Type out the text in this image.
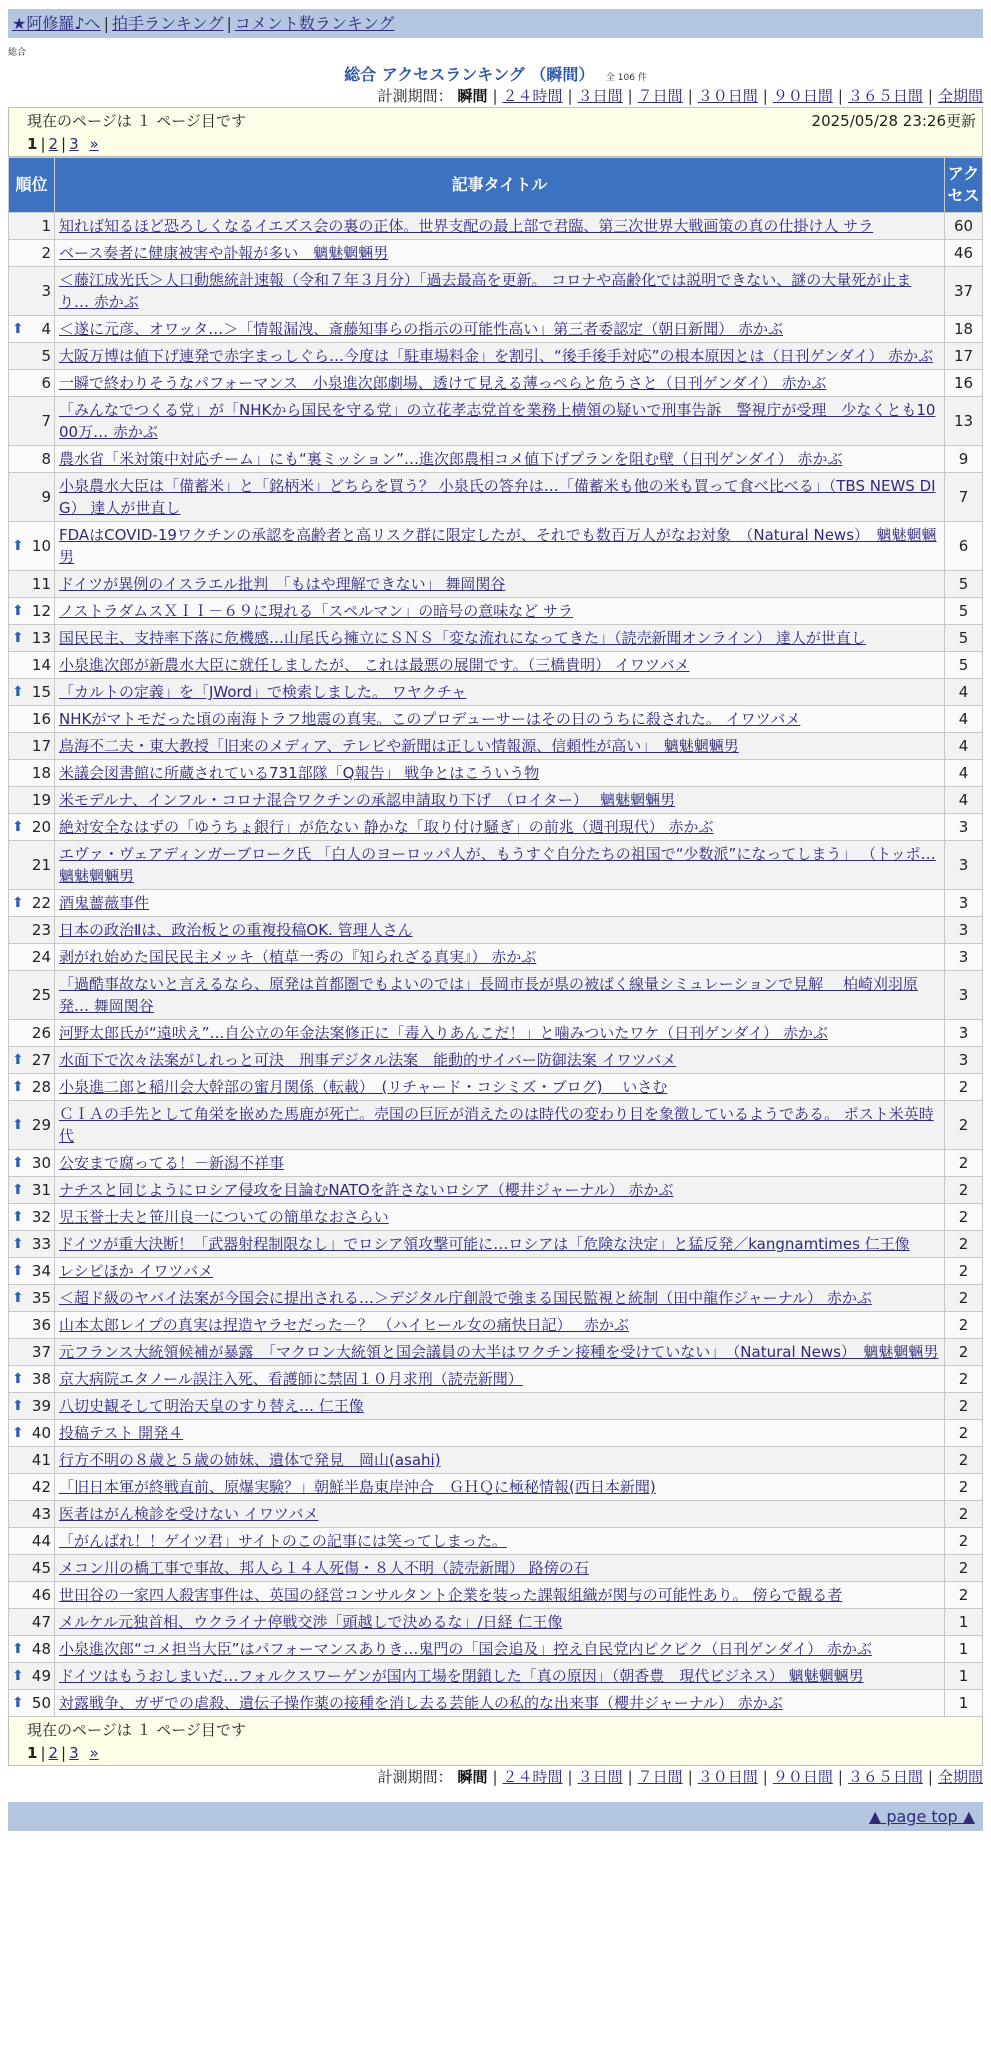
★阿修羅♪へ | 拍手ランキング | コメント数ランキング
総合
総合 アクセスランキング （瞬間） 全 106 件
計測期間： 瞬間 | ２４時間 | ３日間 | ７日間 | ３０日間 | ９０日間 | ３６５日間 | 全期間
現在のページは １ ページ目です	2025/05/28 23:26更新
1 | 2 | 3 »
順位	記事タイトル	アクセス
1	知れば知るほど恐ろしくなるイエズス会の裏の正体。世界支配の最上部で君臨、第三次世界大戦画策の真の仕掛け人 サラ	60
2	ベース奏者に健康被害や訃報が多い　魑魅魍魎男	46
3	＜藤江成光氏＞人口動態統計速報（令和７年３月分）「過去最高を更新。 コロナや高齢化では説明できない、謎の大量死が止まり… 赤かぶ	37

⬆ 4	＜遂に元彦、オワッタ…＞「情報漏洩、斎藤知事らの指示の可能性高い」第三者委認定（朝日新聞） 赤かぶ	18
5	大阪万博は値下げ連発で赤字まっしぐら…今度は「駐車場料金」を割引、“後手後手対応”の根本原因とは（日刊ゲンダイ） 赤かぶ	17
6	一瞬で終わりそうなパフォーマンス　小泉進次郎劇場、透けて見える薄っぺらと危うさと（日刊ゲンダイ） 赤かぶ	16
7	「みんなでつくる党」が「NHKから国民を守る党」の立花孝志党首を業務上横領の疑いで刑事告訴　警視庁が受理　少なくとも1000万… 赤かぶ	13
8	農水省「米対策中対応チーム」にも“裏ミッション”…進次郎農相コメ値下げプランを阻む壁（日刊ゲンダイ） 赤かぶ	9
9	小泉農水大臣は「備蓄米」と「銘柄米」どちらを買う？ 小泉氏の答弁は…「備蓄米も他の米も買って食べ比べる」（TBS NEWS DIG） 達人が世直し	7

⬆ 10	FDAはCOVID-19ワクチンの承認を高齢者と高リスク群に限定したが、それでも数百万人がなお対象　（Natural News）　魑魅魍魎男	6
11	ドイツが異例のイスラエル批判　「もはや理解できない」 舞岡関谷	5

⬆ 12	ノストラダムスＸＩＩ－６９に現れる「スペルマン」の暗号の意味など サラ	5

⬆ 13	国民民主、支持率下落に危機感…山尾氏ら擁立にＳＮＳ「変な流れになってきた」（読売新聞オンライン） 達人が世直し	5
14	小泉進次郎が新農水大臣に就任しましたが、 これは最悪の展開です。（三橋貴明） イワツバメ	5

⬆ 15	「カルトの定義」を「JWord」で検索しました。 ワヤクチャ	4
16	NHKがマトモだった頃の南海トラフ地震の真実。このプロデューサーはその日のうちに殺された。 イワツバメ	4
17	鳥海不二夫・東大教授「旧来のメディア、テレビや新聞は正しい情報源、信頼性が高い」　魑魅魍魎男	4
18	米議会図書館に所蔵されている731部隊「Q報告」 戦争とはこういう物	4
19	米モデルナ、インフル・コロナ混合ワクチンの承認申請取り下げ　（ロイター）　 魑魅魍魎男	4

⬆ 20	絶対安全なはずの「ゆうちょ銀行」が危ない 静かな「取り付け騒ぎ」の前兆（週刊現代） 赤かぶ	3
21	エヴァ・ヴェアディンガーブローク氏 「白人のヨーロッパ人が、もうすぐ自分たちの祖国で“少数派”になってしまう」 （トッポ… 魑魅魍魎男	3

⬆ 22	酒鬼薔薇事件	3
23	日本の政治Ⅱは、政治板との重複投稿OK. 管理人さん	3
24	剥がれ始めた国民民主メッキ（植草一秀の『知られざる真実』） 赤かぶ	3
25	「過酷事故ないと言えるなら、原発は首都圏でもよいのでは」長岡市長が県の被ばく線量シミュレーションで見解　 柏崎刈羽原発… 舞岡関谷	3
26	河野太郎氏が“遠吠え”…自公立の年金法案修正に「毒入りあんこだ！」と噛みついたワケ（日刊ゲンダイ） 赤かぶ	3

⬆ 27	水面下で次々法案がしれっと可決　刑事デジタル法案　能動的サイバー防御法案 イワツバメ	3

⬆ 28	小泉進二郎と稲川会大幹部の蜜月関係（転載）　(リチャード・コシミズ・ブログ)　 いさむ	2

⬆ 29	ＣＩＡの手先として角栄を嵌めた馬鹿が死亡。売国の巨匠が消えたのは時代の変わり目を象徴しているようである。 ポスト米英時代	2

⬆ 30	公安まで腐ってる！－新潟不祥事	2

⬆ 31	ナチスと同じようにロシア侵攻を目論むNATOを許さないロシア（櫻井ジャーナル） 赤かぶ	2

⬆ 32	児玉誉士夫と笹川良一についての簡単なおさらい	2

⬆ 33	ドイツが重大決断！「武器射程制限なし」でロシア領攻撃可能に…ロシアは「危険な決定」と猛反発／kangnamtimes 仁王像	2

⬆ 34	レシピほか イワツバメ	2

⬆ 35	＜超ド級のヤバイ法案が今国会に提出される…＞デジタル庁創設で強まる国民監視と統制（田中龍作ジャーナル） 赤かぶ	2
36	山本太郎レイプの真実は捏造ヤラセだった－？ （ハイヒール女の痛快日記）　 赤かぶ	2
37	元フランス大統領候補が暴露　「マクロン大統領と国会議員の大半はワクチン接種を受けていない」　（Natural News）　魑魅魍魎男	2

⬆ 38	京大病院エタノール誤注入死、看護師に禁固１０月求刑（読売新聞）	2

⬆ 39	八切史観そして明治天皇のすり替え… 仁王像	2

⬆ 40	投稿テスト 開発４	2
41	行方不明の８歳と５歳の姉妹、遺体で発見　岡山(asahi)	2
42	「旧日本軍が終戦直前、原爆実験？」朝鮮半島東岸沖合　ＧＨＱに極秘情報(西日本新聞)	2
43	医者はがん検診を受けない イワツバメ	2
44	「がんばれ！！ゲイツ君」サイトのこの記事には笑ってしまった。	2
45	メコン川の橋工事で事故、邦人ら１４人死傷・８人不明（読売新聞） 路傍の石	2
46	世田谷の一家四人殺害事件は、英国の経営コンサルタント企業を装った課報組織が関与の可能性あり。 傍らで観る者	2
47	メルケル元独首相、ウクライナ停戦交渉「頭越しで決めるな」/日経 仁王像	1

⬆ 48	小泉進次郎“コメ担当大臣”はパフォーマンスありき…鬼門の「国会追及」控え自民党内ピクピク（日刊ゲンダイ） 赤かぶ	1

⬆ 49	ドイツはもうおしまいだ…フォルクスワーゲンが国内工場を閉鎖した「真の原因」（朝香豊　現代ビジネス） 魑魅魍魎男	1

⬆ 50	対露戦争、ガザでの虐殺、遺伝子操作薬の接種を消し去る芸能人の私的な出来事（櫻井ジャーナル） 赤かぶ	1
現在のページは １ ページ目です
1 | 2 | 3 »
計測期間： 瞬間 | ２４時間 | ３日間 | ７日間 | ３０日間 | ９０日間 | ３６５日間 | 全期間
▲ page top ▲
